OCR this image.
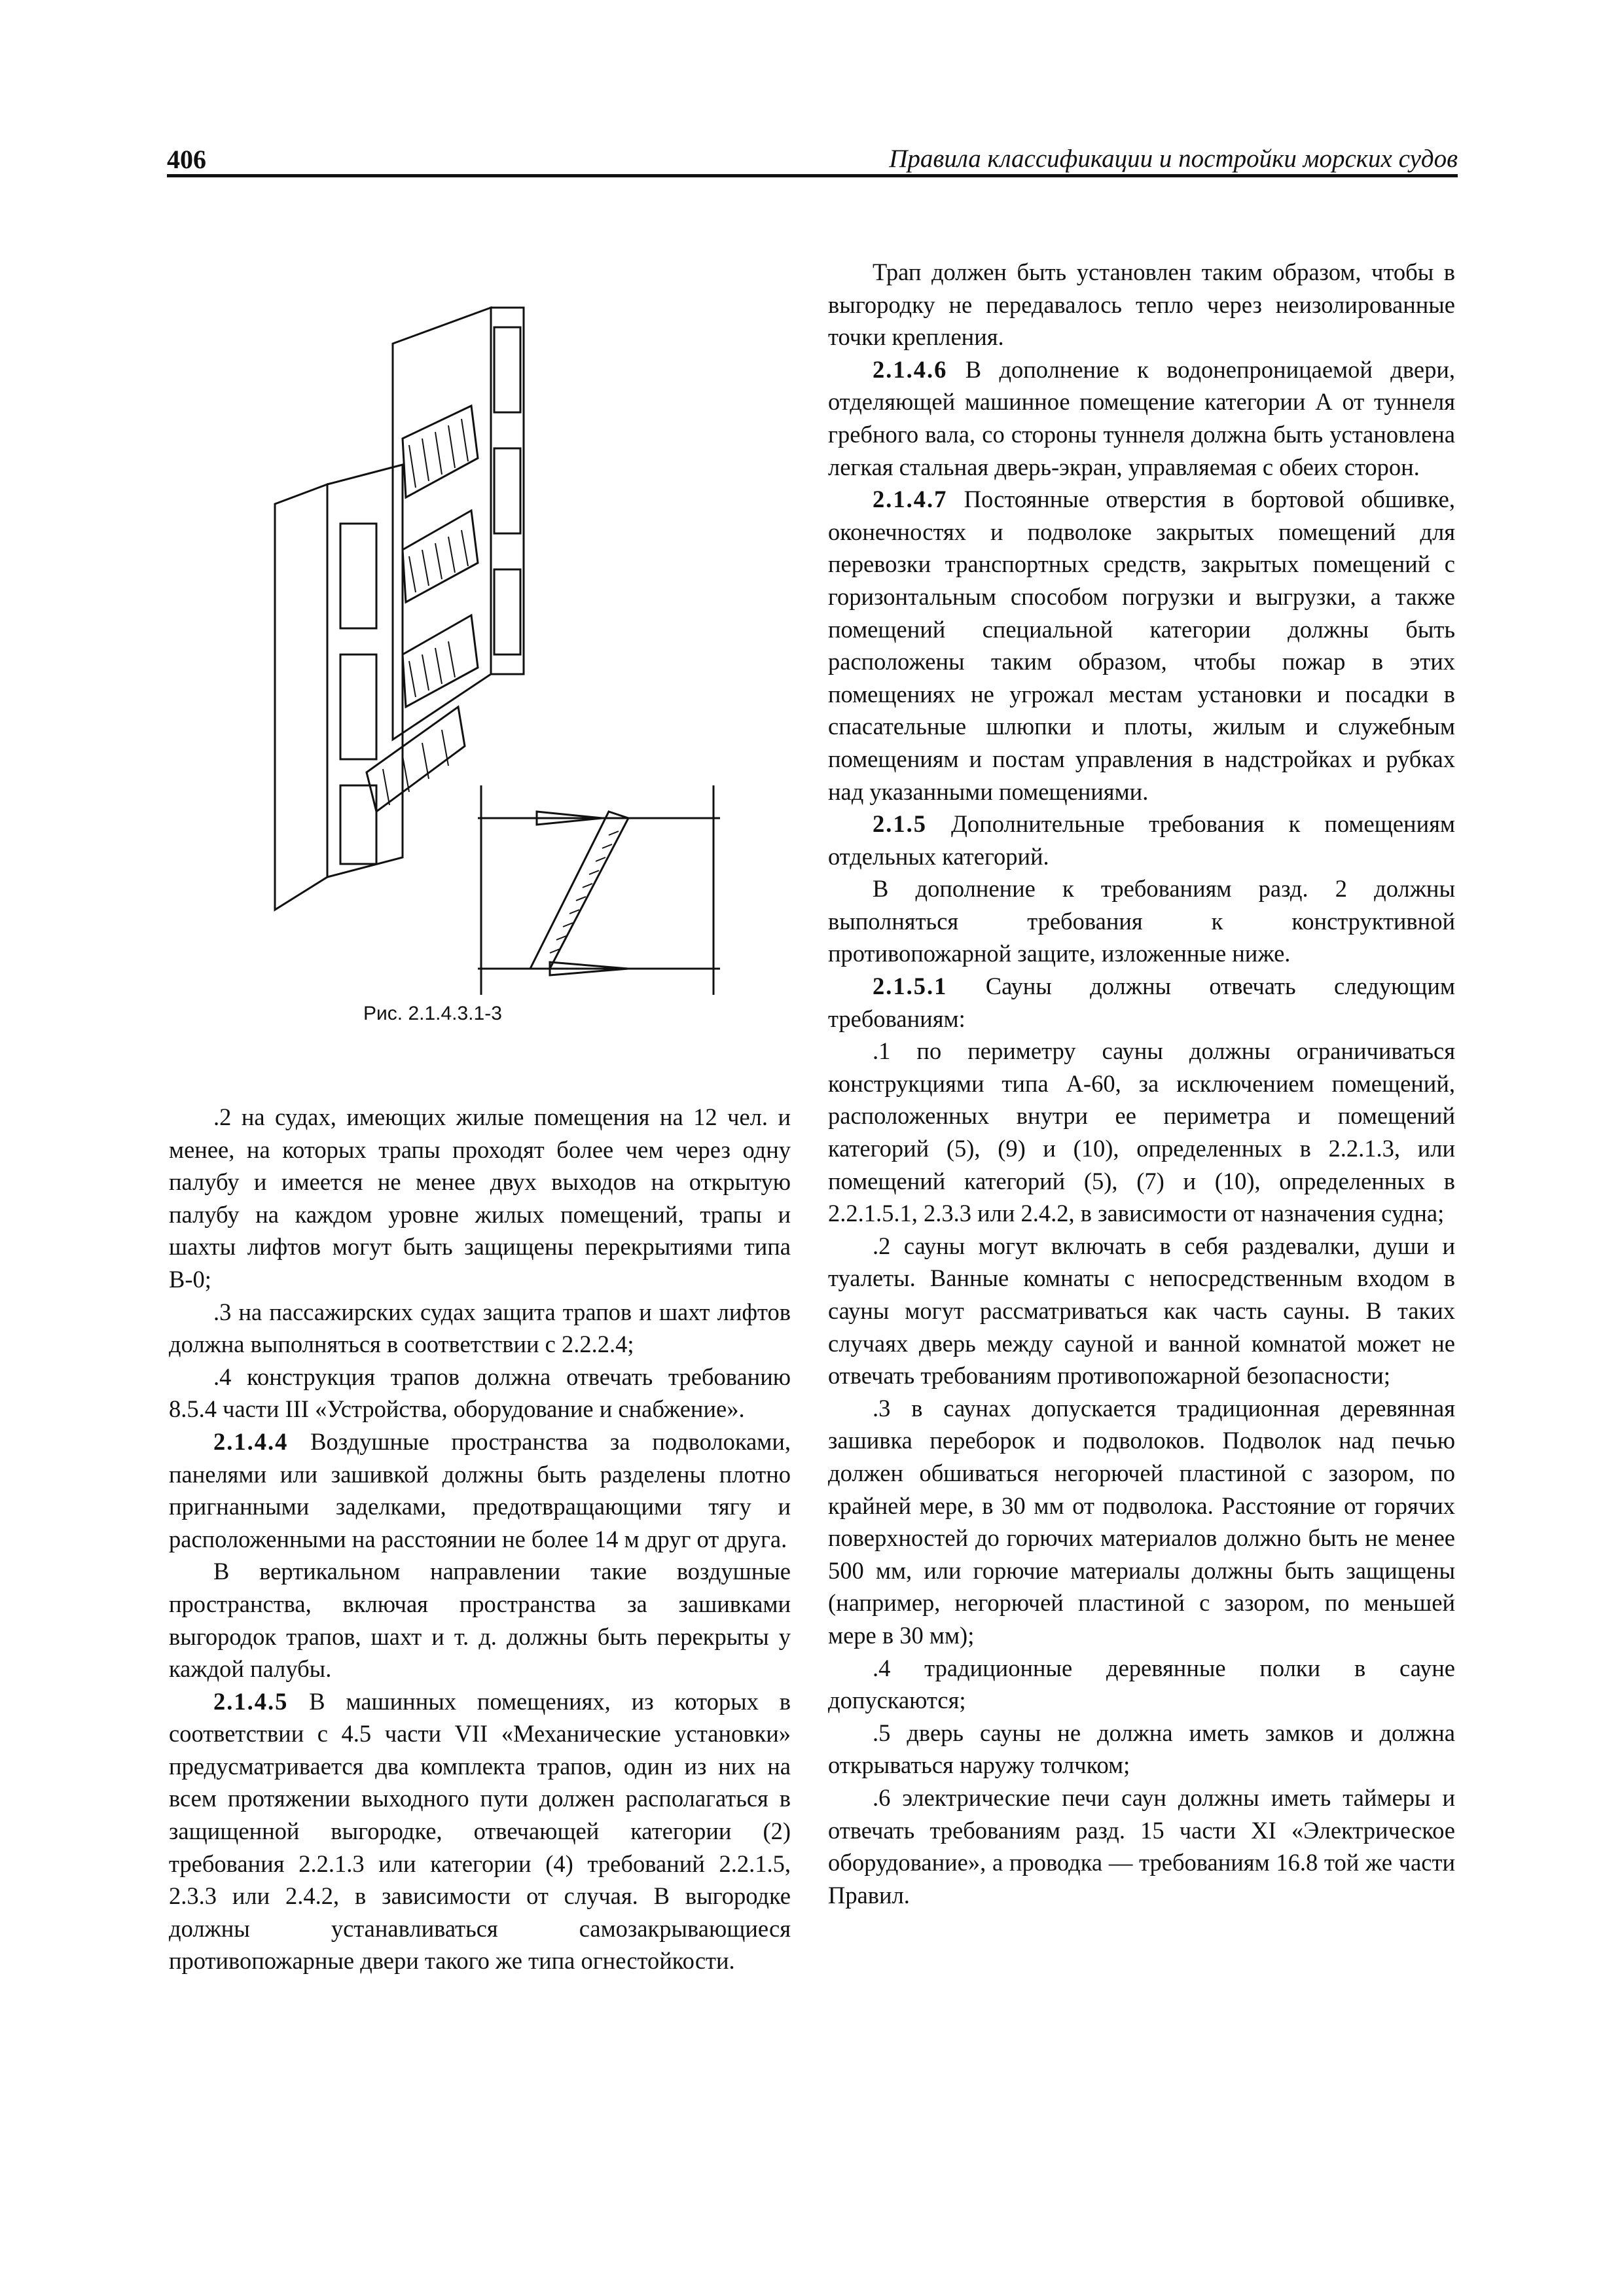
406	Правила классификации и постройки морских судов
Рис. 2.1.4.3.1-3

.2 на судах, имеющих жилые помещения на 12 чел. и менее, на которых трапы проходят более чем через одну палубу и имеется не менее двух выходов на открытую палубу на каждом уровне жилых помещений, трапы и шахты лифтов могут быть защищены перекрытиями типа В-0;

.3 на пассажирских судах защита трапов и шахт лифтов должна выполняться в соответствии с 2.2.2.4;

.4 конструкция трапов должна отвечать требованию 8.5.4 части III «Устройства, оборудование и снабжение».

2.1.4.4 Воздушные пространства за подволоками, панелями или зашивкой должны быть разделены плотно пригнанными заделками, предотвращающими тягу и расположенными на расстоянии не более 14 м друг от друга.

В вертикальном направлении такие воздушные пространства, включая пространства за зашивками выгородок трапов, шахт и т. д. должны быть перекрыты у каждой палубы.

2.1.4.5 В машинных помещениях, из которых в соответствии с 4.5 части VII «Механические установки» предусматривается два комплекта трапов, один из них на всем протяжении выходного пути должен располагаться в защищенной выгородке, отвечающей категории (2) требования 2.2.1.3 или категории (4) требований 2.2.1.5, 2.3.3 или 2.4.2, в зависимости от случая. В выгородке должны устанавливаться самозакрывающиеся противопожарные двери такого же типа огнестойкости.

Трап должен быть установлен таким образом, чтобы в выгородку не передавалось тепло через неизолированные точки крепления.

2.1.4.6 В дополнение к водонепроницаемой двери, отделяющей машинное помещение категории А от туннеля гребного вала, со стороны туннеля должна быть установлена легкая стальная дверь-экран, управляемая с обеих сторон.

2.1.4.7 Постоянные отверстия в бортовой обшивке, оконечностях и подволоке закрытых помещений для перевозки транспортных средств, закрытых помещений с горизонтальным способом погрузки и выгрузки, а также помещений специальной категории должны быть расположены таким образом, чтобы пожар в этих помещениях не угрожал местам установки и посадки в спасательные шлюпки и плоты, жилым и служебным помещениям и постам управления в надстройках и рубках над указанными помещениями.

2.1.5 Дополнительные требования к помещениям отдельных категорий.

В дополнение к требованиям разд. 2 должны выполняться требования к конструктивной противопожарной защите, изложенные ниже.

2.1.5.1 Сауны должны отвечать следующим требованиям:

.1 по периметру сауны должны ограничиваться конструкциями типа А-60, за исключением помещений, расположенных внутри ее периметра и помещений категорий (5), (9) и (10), определенных в 2.2.1.3, или помещений категорий (5), (7) и (10), определенных в 2.2.1.5.1, 2.3.3 или 2.4.2, в зависимости от назначения судна;

.2 сауны могут включать в себя раздевалки, души и туалеты. Ванные комнаты с непосредственным входом в сауны могут рассматриваться как часть сауны. В таких случаях дверь между сауной и ванной комнатой может не отвечать требованиям противопожарной безопасности;

.3 в саунах допускается традиционная деревянная зашивка переборок и подволоков. Подволок над печью должен обшиваться негорючей пластиной с зазором, по крайней мере, в 30 мм от подволока. Расстояние от горячих поверхностей до горючих материалов должно быть не менее 500 мм, или горючие материалы должны быть защищены (например, негорючей пластиной с зазором, по меньшей мере в 30 мм);

.4 традиционные деревянные полки в сауне допускаются;

.5 дверь сауны не должна иметь замков и должна открываться наружу толчком;

.6 электрические печи саун должны иметь таймеры и отвечать требованиям разд. 15 части XI «Электрическое оборудование», а проводка — требованиям 16.8 той же части Правил.
